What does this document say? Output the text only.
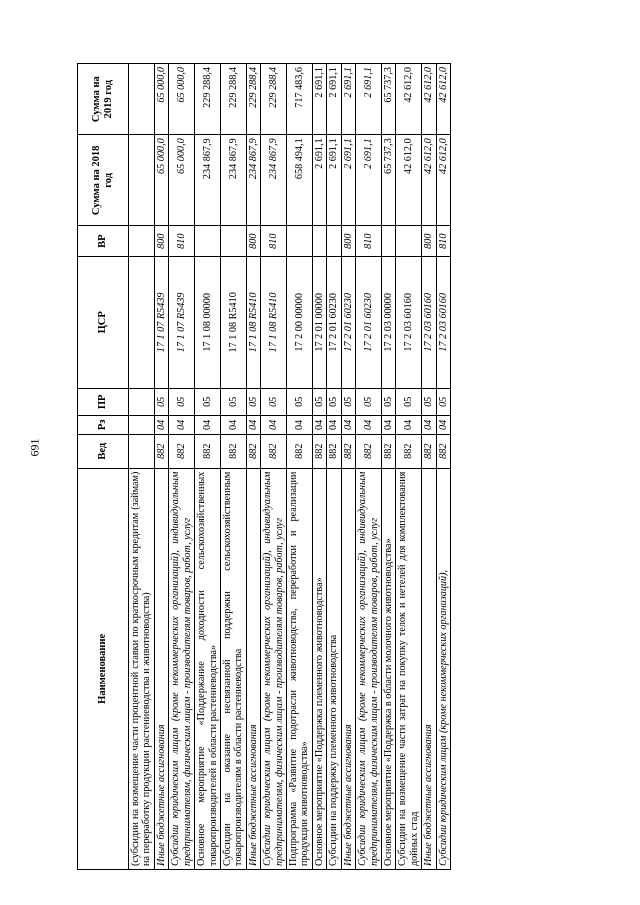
691
Наименование	Вед	Рз	ПР	ЦСР	ВР	Сумма на 2018 год	Сумма на 2019 год
(субсидии на возмещение части процентной ставки по краткосрочным кредитам (займам) на переработку продукции растениеводства и животноводства)							
Иные бюджетные ассигнования	882	04	05	17 1 07 R5439	800	65 000,0	65 000,0
Субсидии юридическим лицам (кроме некоммерческих организаций), индивидуальным предпринимателям, физическим лицам - производителям товаров, работ, услуг	882	04	05	17 1 07 R5439	810	65 000,0	65 000,0
Основное мероприятие «Поддержание доходности сельскохозяйственных товаропроизводителей в области растениеводства»	882	04	05	17 1 08 00000		234 867,9	229 288,4
Субсидии на оказание несвязанной поддержки сельскохозяйственным товаропроизводителям в области растениеводства	882	04	05	17 1 08 R5410		234 867,9	229 288,4
Иные бюджетные ассигнования	882	04	05	17 1 08 R5410	800	234 867,9	229 288,4
Субсидии юридическим лицам (кроме некоммерческих организаций), индивидуальным предпринимателям, физическим лицам - производителям товаров, работ, услуг	882	04	05	17 1 08 R5410	810	234 867,9	229 288,4
Подпрограмма «Развитие подотрасли животноводства, переработки и реализации продукции животноводства»	882	04	05	17 2 00 00000		658 494,1	717 483,6
Основное мероприятие «Поддержка племенного животноводства»	882	04	05	17 2 01 00000		2 691,1	2 691,1
Субсидии на поддержку племенного животноводства	882	04	05	17 2 01 60230		2 691,1	2 691,1
Иные бюджетные ассигнования	882	04	05	17 2 01 60230	800	2 691,1	2 691,1
Субсидии юридическим лицам (кроме некоммерческих организаций), индивидуальным предпринимателям, физическим лицам - производителям товаров, работ, услуг	882	04	05	17 2 01 60230	810	2 691,1	2 691,1
Основное мероприятие «Поддержка в области молочного животноводства»	882	04	05	17 2 03 00000		65 737,3	65 737,3
Субсидии на возмещение части затрат на покупку телок и нетелей для комплектования дойных стад	882	04	05	17 2 03 60160		42 612,0	42 612,0
Иные бюджетные ассигнования	882	04	05	17 2 03 60160	800	42 612,0	42 612,0
Субсидии юридическим лицам (кроме некоммерческих организаций),	882	04	05	17 2 03 60160	810	42 612,0	42 612,0
